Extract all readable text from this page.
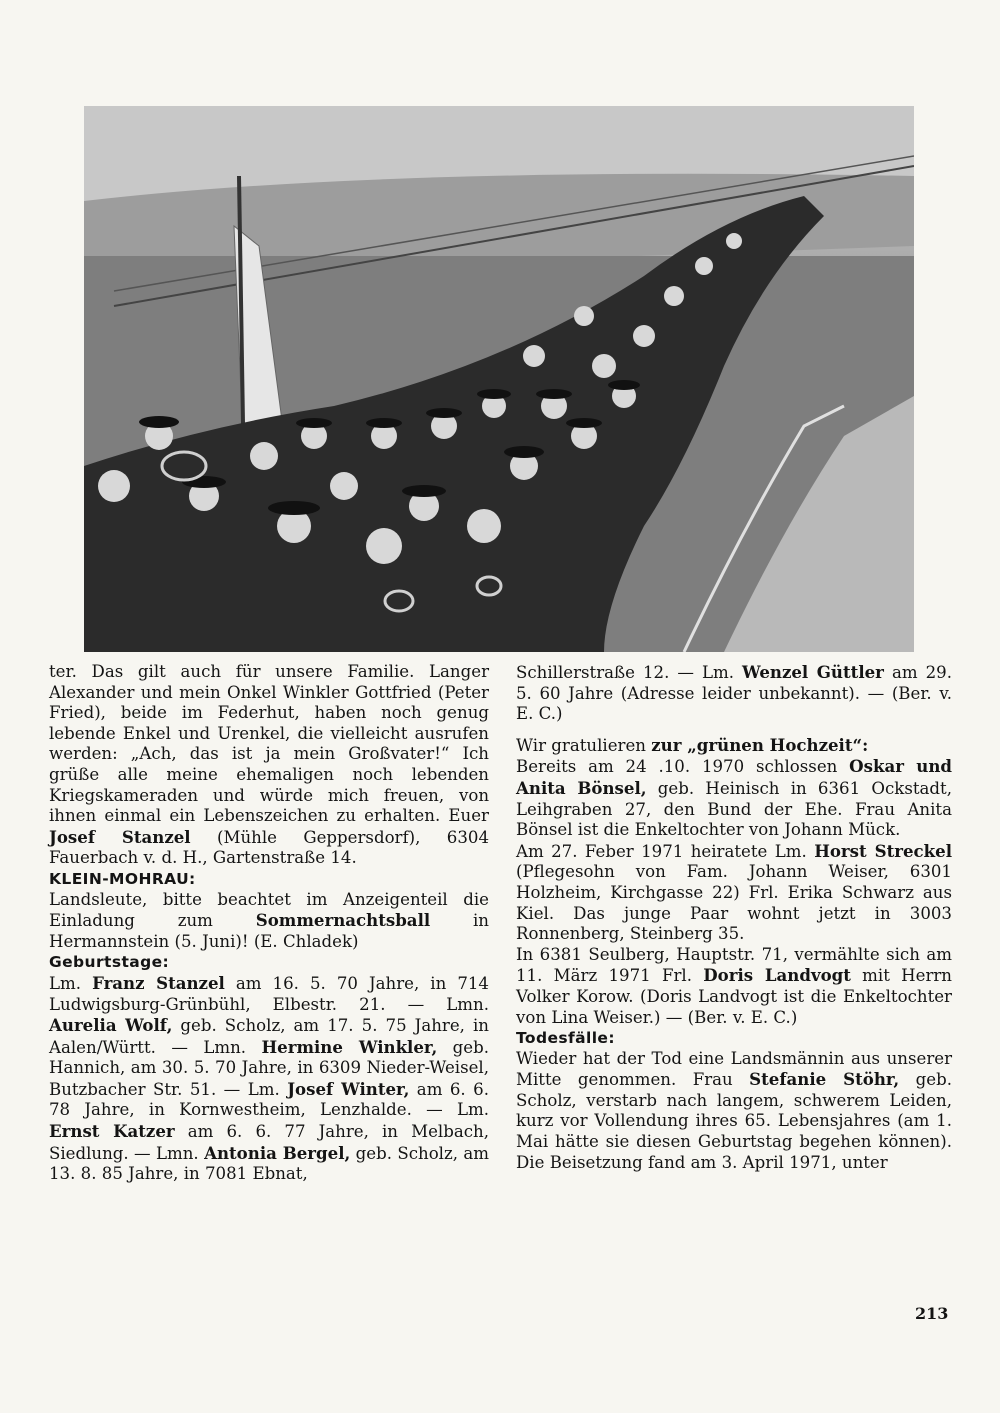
ter. Das gilt auch für unsere Familie. Langer Alexander und mein Onkel Winkler Gottfried (Peter Fried), beide im Federhut, haben noch genug lebende Enkel und Urenkel, die vielleicht ausrufen werden: „Ach, das ist ja mein Großvater!“ Ich grüße alle meine ehemaligen noch lebenden Kriegskameraden und würde mich freuen, von ihnen einmal ein Lebenszeichen zu erhalten. Euer Josef Stanzel (Mühle Geppersdorf), 6304 Fauerbach v. d. H., Gartenstraße 14.

KLEIN-MOHRAU:

Landsleute, bitte beachtet im Anzeigenteil die Einladung zum Sommernachtsball in Hermannstein (5. Juni)! (E. Chladek)

Geburtstage:

Lm. Franz Stanzel am 16. 5. 70 Jahre, in 714 Ludwigsburg-Grünbühl, Elbestr. 21. — Lmn. Aurelia Wolf, geb. Scholz, am 17. 5. 75 Jahre, in Aalen/Württ. — Lmn. Hermine Winkler, geb. Hannich, am 30. 5. 70 Jahre, in 6309 Nieder-Weisel, Butzbacher Str. 51. — Lm. Josef Winter, am 6. 6. 78 Jahre, in Kornwestheim, Lenzhalde. — Lm. Ernst Katzer am 6. 6. 77 Jahre, in Melbach, Siedlung. — Lmn. Antonia Bergel, geb. Scholz, am 13. 8. 85 Jahre, in 7081 Ebnat,

Schillerstraße 12. — Lm. Wenzel Güttler am 29. 5. 60 Jahre (Adresse leider unbekannt). — (Ber. v. E. C.)

Wir gratulieren zur „grünen Hochzeit“:

Bereits am 24 .10. 1970 schlossen Oskar und Anita Bönsel, geb. Heinisch in 6361 Ockstadt, Leihgraben 27, den Bund der Ehe. Frau Anita Bönsel ist die Enkeltochter von Johann Mück.

Am 27. Feber 1971 heiratete Lm. Horst Streckel (Pflegesohn von Fam. Johann Weiser, 6301 Holzheim, Kirchgasse 22) Frl. Erika Schwarz aus Kiel. Das junge Paar wohnt jetzt in 3003 Ronnenberg, Steinberg 35.

In 6381 Seulberg, Hauptstr. 71, vermählte sich am 11. März 1971 Frl. Doris Landvogt mit Herrn Volker Korow. (Doris Landvogt ist die Enkeltochter von Lina Weiser.) — (Ber. v. E. C.)

Todesfälle:

Wieder hat der Tod eine Landsmännin aus unserer Mitte genommen. Frau Stefanie Stöhr, geb. Scholz, verstarb nach langem, schwerem Leiden, kurz vor Vollendung ihres 65. Lebensjahres (am 1. Mai hätte sie diesen Geburtstag begehen können). Die Beisetzung fand am 3. April 1971, unter

213
